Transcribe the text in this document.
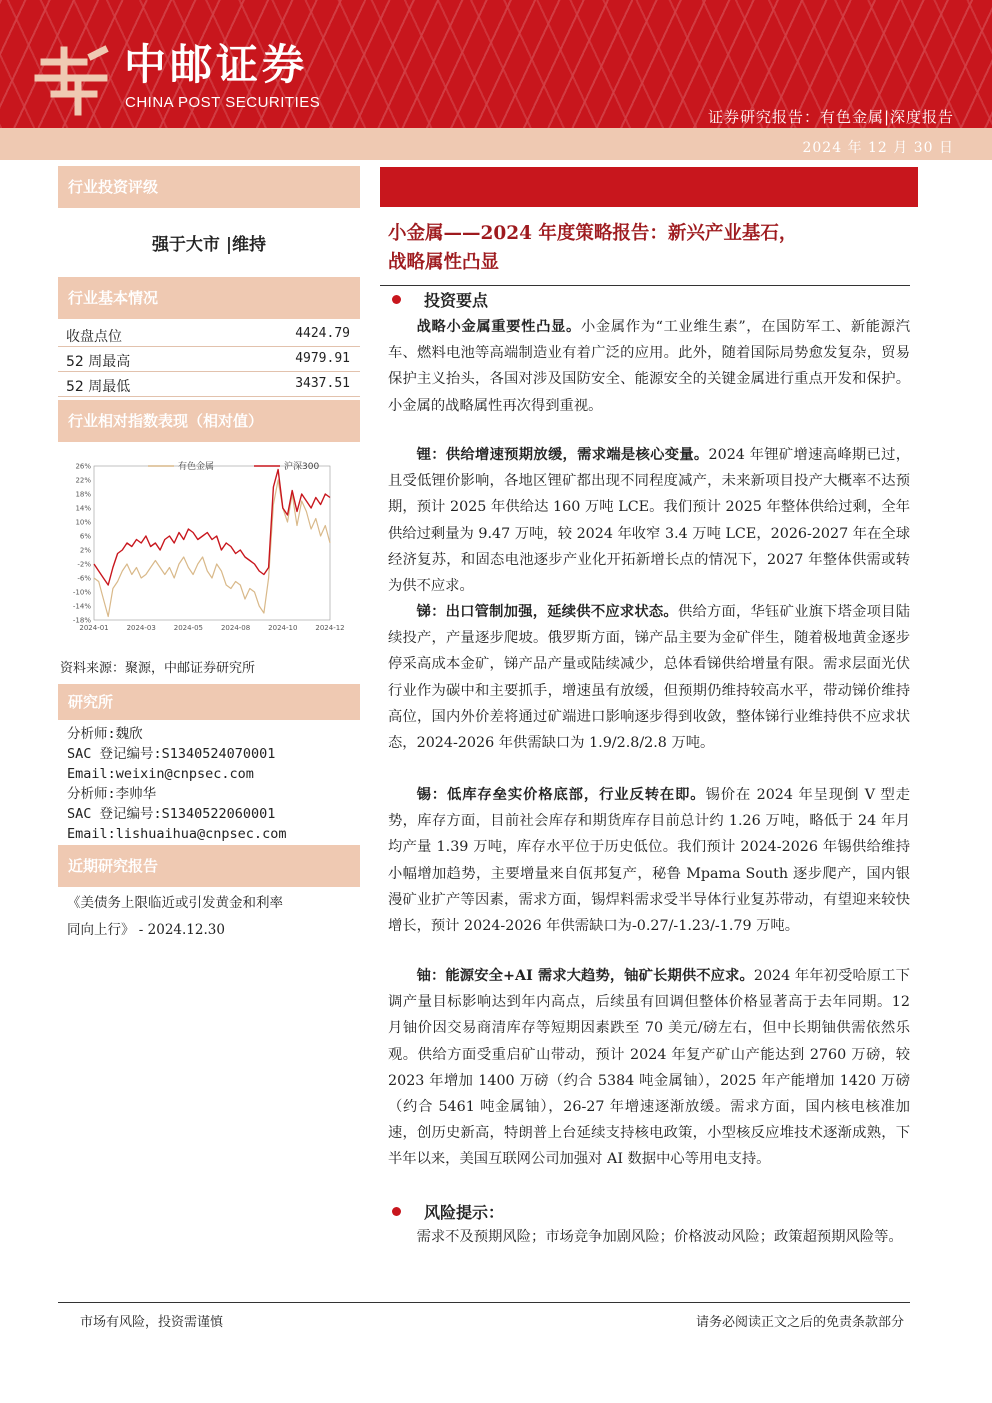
中邮证券
CHINA POST SECURITIES
证券研究报告：有色金属|深度报告
2024 年 12 月 30 日
行业投资评级
强于大市 |维持
行业基本情况
收盘点位	4424.79
52 周最高	4979.91
52 周最低	3437.51
行业相对指数表现（相对值）
26%
22%
18%
14%
10%
6%
2%
-2%
-6%
-10%
-14%
-18%
2024-01	2024-03	2024-05	2024-08	2024-10	2024-12
有色金属	沪深300
资料来源：聚源，中邮证券研究所
研究所
分析师:魏欣
SAC 登记编号:S1340524070001
Email:weixin@cnpsec.com
分析师:李帅华
SAC 登记编号:S1340522060001
Email:lishuaihua@cnpsec.com
近期研究报告
《美债务上限临近或引发黄金和利率
同向上行》 - 2024.12.30
小金属——2024 年度策略报告：新兴产业基石，
战略属性凸显
投资要点
战略小金属重要性凸显。小金属作为“工业维生素”，在国防军工、新能源汽车、燃料电池等高端制造业有着广泛的应用。此外，随着国际局势愈发复杂，贸易保护主义抬头，各国对涉及国防安全、能源安全的关键金属进行重点开发和保护。小金属的战略属性再次得到重视。
锂：供给增速预期放缓，需求端是核心变量。2024 年锂矿增速高峰期已过，且受低锂价影响，各地区锂矿都出现不同程度减产，未来新项目投产大概率不达预期，预计 2025 年供给达 160 万吨 LCE。我们预计 2025 年整体供给过剩，全年供给过剩量为 9.47 万吨，较 2024 年收窄 3.4 万吨 LCE，2026-2027 年在全球经济复苏，和固态电池逐步产业化开拓新增长点的情况下，2027 年整体供需或转为供不应求。
锑：出口管制加强，延续供不应求状态。供给方面，华钰矿业旗下塔金项目陆续投产，产量逐步爬坡。俄罗斯方面，锑产品主要为金矿伴生，随着极地黄金逐步停采高成本金矿，锑产品产量或陆续减少，总体看锑供给增量有限。需求层面光伏行业作为碳中和主要抓手，增速虽有放缓，但预期仍维持较高水平，带动锑价维持高位，国内外价差将通过矿端进口影响逐步得到收敛，整体锑行业维持供不应求状态，2024-2026 年供需缺口为 1.9/2.8/2.8 万吨。
锡：低库存垒实价格底部，行业反转在即。锡价在 2024 年呈现倒 V 型走势，库存方面，目前社会库存和期货库存目前总计约 1.26 万吨，略低于 24 年月均产量 1.39 万吨，库存水平位于历史低位。我们预计 2024-2026 年锡供给维持小幅增加趋势，主要增量来自佤邦复产，秘鲁 Mpama South 逐步爬产，国内银漫矿业扩产等因素，需求方面，锡焊料需求受半导体行业复苏带动，有望迎来较快增长，预计 2024-2026 年供需缺口为-0.27/-1.23/-1.79 万吨。
铀：能源安全+AI 需求大趋势，铀矿长期供不应求。2024 年年初受哈原工下调产量目标影响达到年内高点，后续虽有回调但整体价格显著高于去年同期。12 月铀价因交易商清库存等短期因素跌至 70 美元/磅左右，但中长期铀供需依然乐观。供给方面受重启矿山带动，预计 2024 年复产矿山产能达到 2760 万磅，较 2023 年增加 1400 万磅（约合 5384 吨金属铀），2025 年产能增加 1420 万磅（约合 5461 吨金属铀），26-27 年增速逐渐放缓。需求方面，国内核电核准加速，创历史新高，特朗普上台延续支持核电政策，小型核反应堆技术逐渐成熟，下半年以来，美国互联网公司加强对 AI 数据中心等用电支持。
风险提示：
需求不及预期风险；市场竞争加剧风险；价格波动风险；政策超预期风险等。
市场有风险，投资需谨慎	请务必阅读正文之后的免责条款部分
